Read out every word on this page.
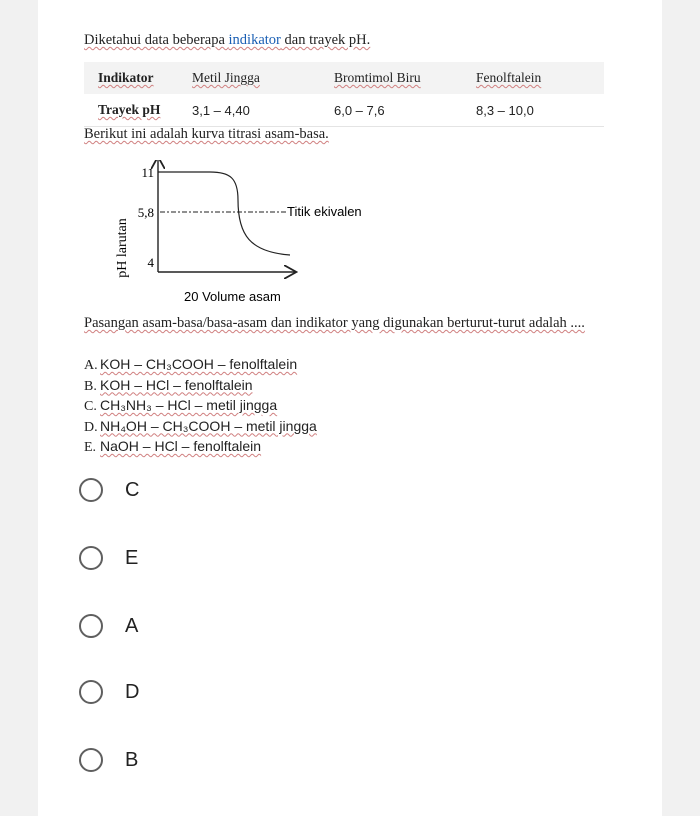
Diketahui data beberapa indikator dan trayek pH.
Indikator	Metil Jingga	Bromtimol Biru	Fenolftalein
Trayek pH	3,1 – 4,40	6,0 – 7,6	8,3 – 10,0
Berikut ini adalah kurva titrasi asam-basa.
pH larutan
11
5,8
4
Titik ekivalen
20 Volume asam
Pasangan asam-basa/basa-asam dan indikator yang digunakan berturut-turut adalah ....
A. KOH – CH₃COOH – fenolftalein
B. KOH – HCl – fenolftalein
C. CH₃NH₃ – HCl – metil jingga
D. NH₄OH – CH₃COOH – metil jingga
E. NaOH – HCl – fenolftalein
C
E
A
D
B
